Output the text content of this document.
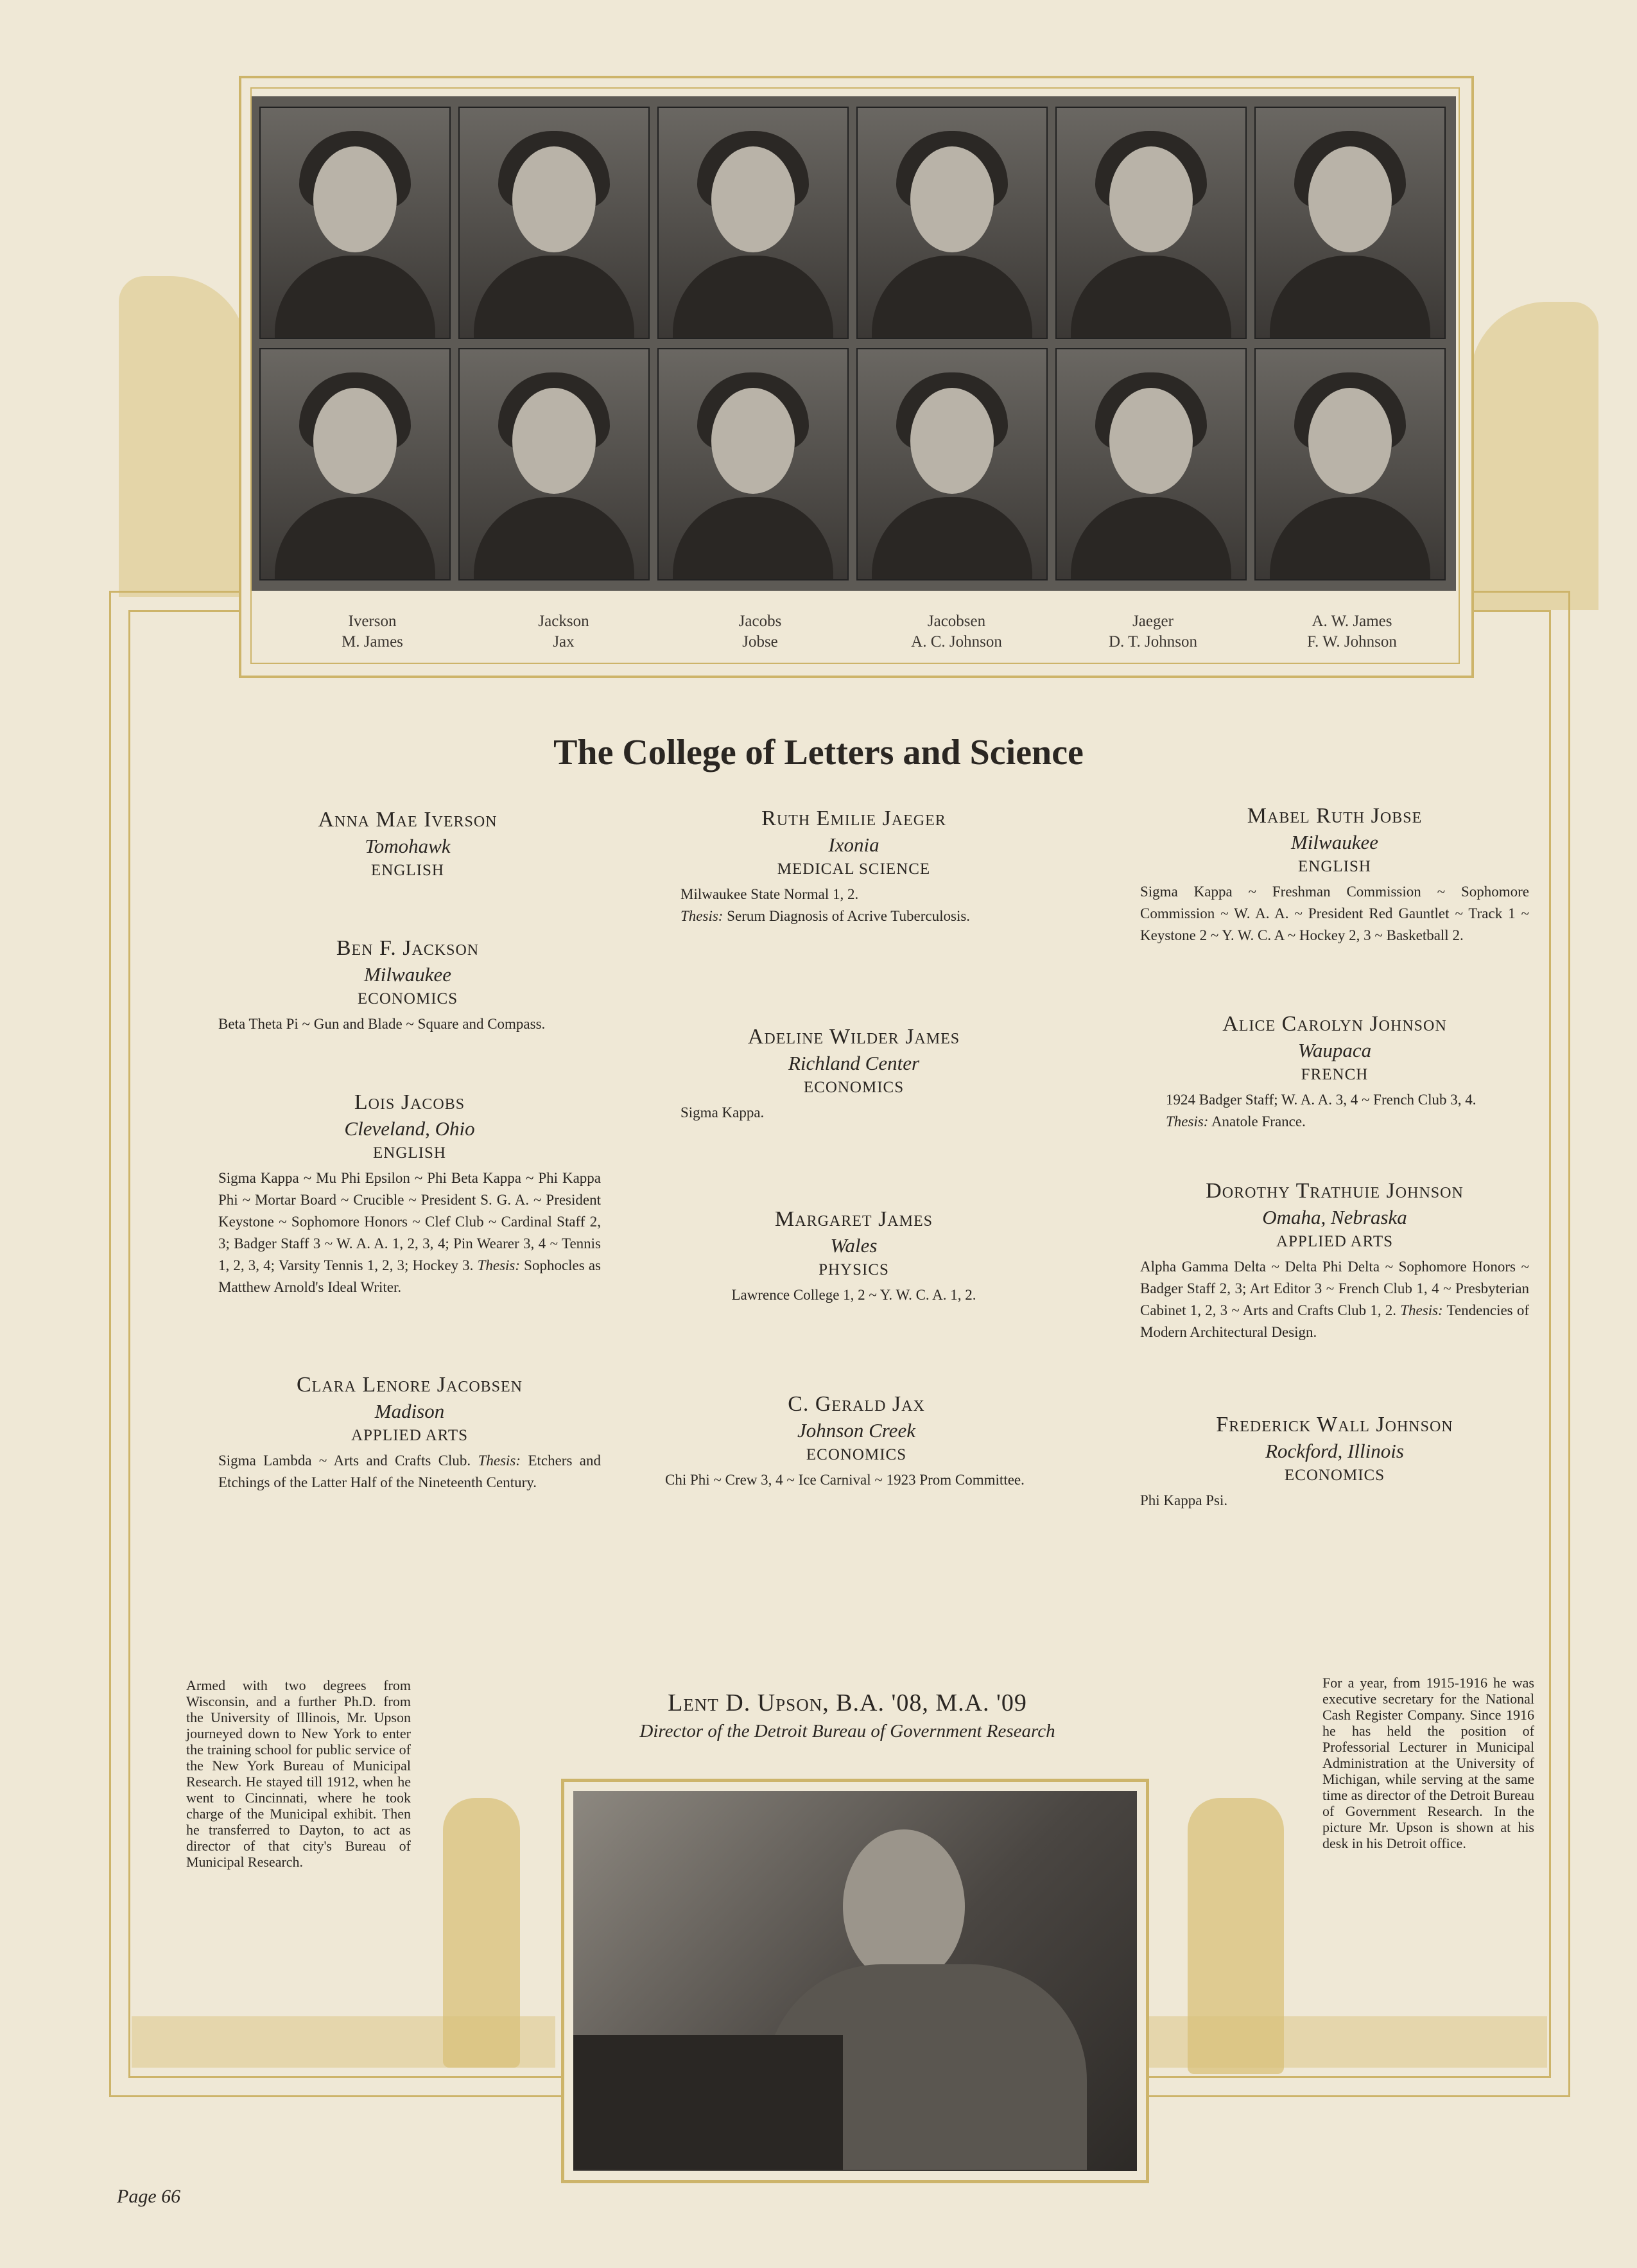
Iverson
M. James
Jackson
Jax
Jacobs
Jobse
Jacobsen
A. C. Johnson
Jaeger
D. T. Johnson
A. W. James
F. W. Johnson
The College of Letters and Science
Anna Mae Iverson
Tomohawk
ENGLISH
Ben F. Jackson
Milwaukee
ECONOMICS
Beta Theta Pi ~ Gun and Blade ~ Square and Compass.
Lois Jacobs
Cleveland, Ohio
ENGLISH
Sigma Kappa ~ Mu Phi Epsilon ~ Phi Beta Kappa ~ Phi Kappa Phi ~ Mortar Board ~ Crucible ~ President S. G. A. ~ President Keystone ~ Sophomore Honors ~ Clef Club ~ Cardinal Staff 2, 3; Badger Staff 3 ~ W. A. A. 1, 2, 3, 4; Pin Wearer 3, 4 ~ Tennis 1, 2, 3, 4; Varsity Tennis 1, 2, 3; Hockey 3. Thesis: Sophocles as Matthew Arnold's Ideal Writer.
Clara Lenore Jacobsen
Madison
APPLIED ARTS
Sigma Lambda ~ Arts and Crafts Club. Thesis: Etchers and Etchings of the Latter Half of the Nineteenth Century.
Ruth Emilie Jaeger
Ixonia
MEDICAL SCIENCE
Milwaukee State Normal 1, 2.
Thesis: Serum Diagnosis of Acrive Tuberculosis.
Adeline Wilder James
Richland Center
ECONOMICS
Sigma Kappa.
Margaret James
Wales
PHYSICS
Lawrence College 1, 2 ~ Y. W. C. A. 1, 2.
C. Gerald Jax
Johnson Creek
ECONOMICS
Chi Phi ~ Crew 3, 4 ~ Ice Carnival ~ 1923 Prom Committee.
Mabel Ruth Jobse
Milwaukee
ENGLISH
Sigma Kappa ~ Freshman Commission ~ Sophomore Commission ~ W. A. A. ~ President Red Gauntlet ~ Track 1 ~ Keystone 2 ~ Y. W. C. A ~ Hockey 2, 3 ~ Basketball 2.
Alice Carolyn Johnson
Waupaca
FRENCH
1924 Badger Staff; W. A. A. 3, 4 ~ French Club 3, 4.
Thesis: Anatole France.
Dorothy Trathuie Johnson
Omaha, Nebraska
APPLIED ARTS
Alpha Gamma Delta ~ Delta Phi Delta ~ Sophomore Honors ~ Badger Staff 2, 3; Art Editor 3 ~ French Club 1, 4 ~ Presbyterian Cabinet 1, 2, 3 ~ Arts and Crafts Club 1, 2. Thesis: Tendencies of Modern Architectural Design.
Frederick Wall Johnson
Rockford, Illinois
ECONOMICS
Phi Kappa Psi.
Armed with two degrees from Wisconsin, and a further Ph.D. from the University of Illinois, Mr. Upson journeyed down to New York to enter the training school for public service of the New York Bureau of Municipal Research. He stayed till 1912, when he went to Cincinnati, where he took charge of the Municipal exhibit. Then he transferred to Dayton, to act as director of that city's Bureau of Municipal Research.
For a year, from 1915-1916 he was executive secretary for the National Cash Register Company. Since 1916 he has held the position of Professorial Lecturer in Municipal Administration at the University of Michigan, while serving at the same time as director of the Detroit Bureau of Government Research. In the picture Mr. Upson is shown at his desk in his Detroit office.
Lent D. Upson, B.A. '08, M.A. '09
Director of the Detroit Bureau of Government Research
Page 66
